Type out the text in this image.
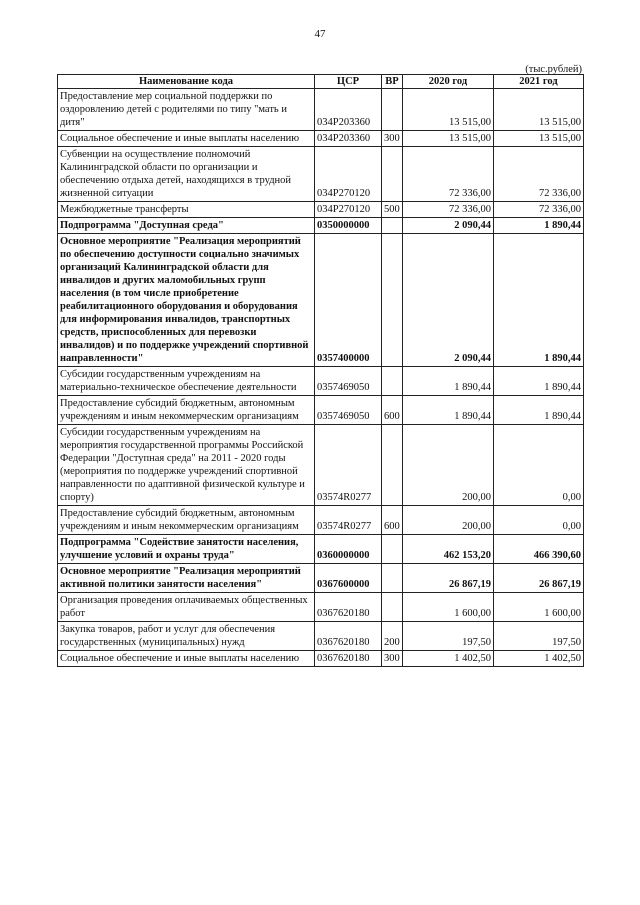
47
(тыс.рублей)
Наименование кода	ЦСР	ВР	2020 год	2021 год
Предоставление мер социальной поддержки по оздоровлению детей с родителями по типу "мать и дитя"	034Р203360		13 515,00	13 515,00
Социальное обеспечение и иные выплаты населению	034Р203360	300	13 515,00	13 515,00
Субвенции на осуществление полномочий Калининградской области по организации и обеспечению отдыха детей, находящихся в трудной жизненной ситуации	034Р270120		72 336,00	72 336,00
Межбюджетные трансферты	034Р270120	500	72 336,00	72 336,00
Подпрограмма "Доступная среда"	0350000000		2 090,44	1 890,44
Основное мероприятие "Реализация мероприятий по обеспечению доступности социально значимых организаций Калининградской области для инвалидов и других маломобильных групп населения (в том числе приобретение реабилитационного оборудования и оборудования для информирования инвалидов, транспортных средств, приспособленных для перевозки инвалидов) и по поддержке учреждений спортивной направленности"	0357400000		2 090,44	1 890,44
Субсидии государственным учреждениям на материально-техническое обеспечение деятельности	0357469050		1 890,44	1 890,44
Предоставление субсидий бюджетным, автономным учреждениям и иным некоммерческим организациям	0357469050	600	1 890,44	1 890,44
Субсидии государственным учреждениям на мероприятия государственной программы Российской Федерации "Доступная среда" на 2011 - 2020 годы (мероприятия по поддержке учреждений спортивной направленности по адаптивной физической культуре и спорту)	03574R0277		200,00	0,00
Предоставление субсидий бюджетным, автономным учреждениям и иным некоммерческим организациям	03574R0277	600	200,00	0,00
Подпрограмма "Содействие занятости населения, улучшение условий и охраны труда"	0360000000		462 153,20	466 390,60
Основное мероприятие "Реализация мероприятий активной политики занятости населения"	0367600000		26 867,19	26 867,19
Организация проведения оплачиваемых общественных работ	0367620180		1 600,00	1 600,00
Закупка товаров, работ и услуг для обеспечения государственных (муниципальных) нужд	0367620180	200	197,50	197,50
Социальное обеспечение и иные выплаты населению	0367620180	300	1 402,50	1 402,50
